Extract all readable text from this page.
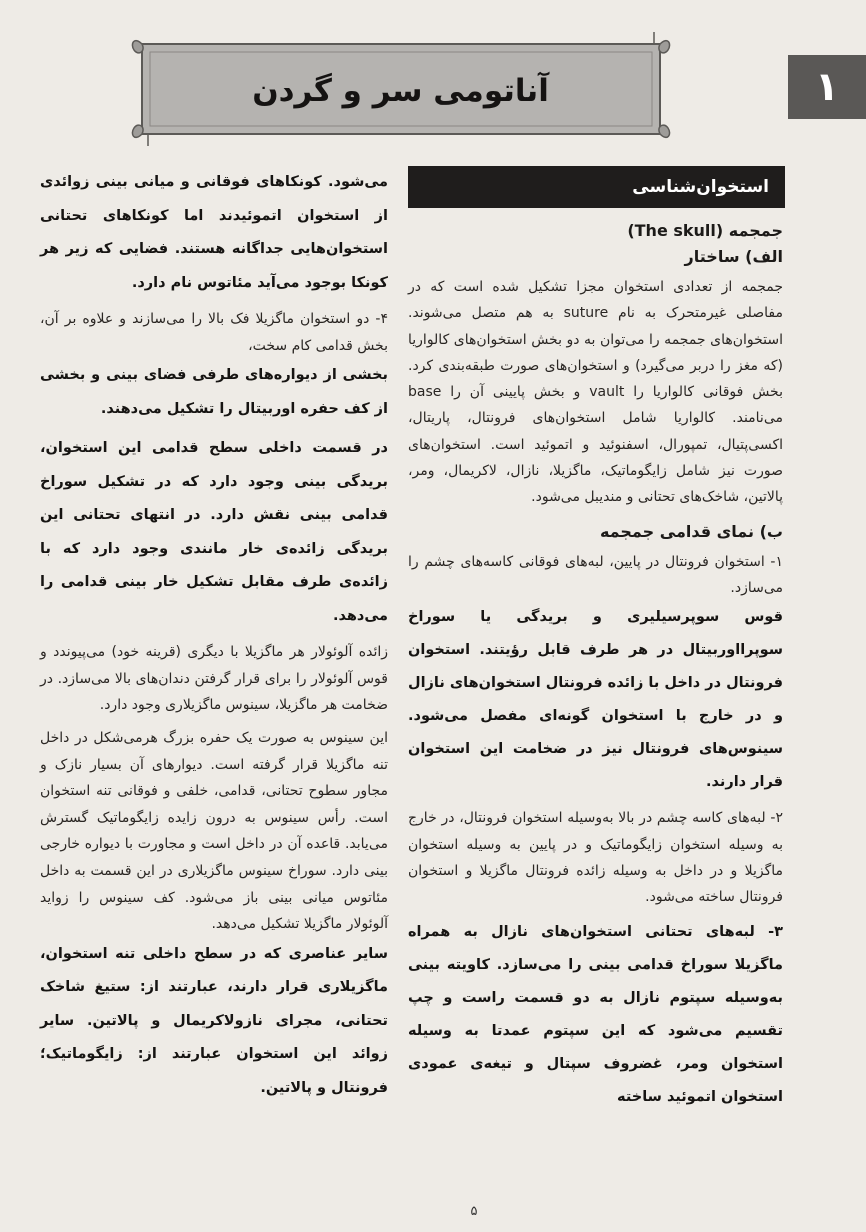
۱
آناتومی سر و گردن
استخوان‌شناسی

جمجمه (The skull)

الف) ساختار

جمجمه از تعدادی استخوان مجزا تشکیل شده است که در مفاصلی غیرمتحرک به نام suture به هم متصل می‌شوند. استخوان‌های جمجمه را می‌توان به دو بخش استخوان‌های کالواریا (که مغز را دربر می‌گیرد) و استخوان‌های صورت طبقه‌بندی کرد. بخش فوقانی کالواریا را vault و بخش پایینی آن را base می‌نامند. کالواریا شامل استخوان‌های فرونتال، پاریتال، اکسی‌پتیال، تمپورال، اسفنوئید و اتموئید است. استخوان‌های صورت نیز شامل زایگوماتیک، ماگزیلا، نازال، لاکریمال، ومر، پالاتین، شاخک‌های تحتانی و مندیبل می‌شود.

ب) نمای قدامی جمجمه

۱- استخوان فرونتال در پایین، لبه‌های فوقانی کاسه‌های چشم را می‌سازد.

قوس سوپرسیلیری و بریدگی یا سوراخ سوپرااوربیتال در هر طرف قابل رؤیتند. استخوان فرونتال در داخل با زائده فرونتال استخوان‌های نازال و در خارج با استخوان گونه‌ای مفصل می‌شود. سینوس‌های فرونتال نیز در ضخامت این استخوان قرار دارند.

۲- لبه‌های کاسه چشم در بالا به‌وسیله استخوان فرونتال، در خارج به وسیله استخوان زایگوماتیک و در پایین به وسیله استخوان ماگزیلا و در داخل به وسیله زائده فرونتال ماگزیلا و استخوان فرونتال ساخته می‌شود.

۳- لبه‌های تحتانی استخوان‌های نازال به همراه ماگزیلا سوراخ قدامی بینی را می‌سازد. کاویته بینی به‌وسیله سپتوم نازال به دو قسمت راست و چپ تقسیم می‌شود که این سپتوم عمدتا به وسیله استخوان ومر، غضروف سپتال و تیغه‌ی عمودی استخوان اتموئید ساخته

می‌شود. کونکاهای فوقانی و میانی بینی زوائدی از استخوان اتموئیدند اما کونکاهای تحتانی استخوان‌هایی جداگانه هستند. فضایی که زیر هر کونکا بوجود می‌آید مئاتوس نام دارد.

۴- دو استخوان ماگزیلا فک بالا را می‌سازند و علاوه بر آن، بخش قدامی کام سخت،

بخشی از دیواره‌های طرفی فضای بینی و بخشی از کف حفره اوربیتال را تشکیل می‌دهند.

در قسمت داخلی سطح قدامی این استخوان، بریدگی بینی وجود دارد که در تشکیل سوراخ قدامی بینی نقش دارد. در انتهای تحتانی این بریدگی زائده‌ی خار مانندی وجود دارد که با زائده‌ی طرف مقابل تشکیل خار بینی قدامی را می‌دهد.

زائده آلوئولار هر ماگزیلا با دیگری (قرینه خود) می‌پیوندد و قوس آلوئولار را برای قرار گرفتن دندان‌های بالا می‌سازد. در ضخامت هر ماگزیلا، سینوس ماگزیلاری وجود دارد.

این سینوس به صورت یک حفره بزرگ هرمی‌شکل در داخل تنه ماگزیلا قرار گرفته است. دیوارهای آن بسیار نازک و مجاور سطوح تحتانی، قدامی، خلفی و فوقانی تنه استخوان است. رأس سینوس به درون زایده زایگوماتیک گسترش می‌یابد. قاعده آن در داخل است و مجاورت با دیواره خارجی بینی دارد. سوراخ سینوس ماگزیلاری در این قسمت به داخل مئاتوس میانی بینی باز می‌شود. کف سینوس را زواید آلوئولار ماگزیلا تشکیل می‌دهد.

سایر عناصری که در سطح داخلی تنه استخوان، ماگزیلاری قرار دارند، عبارتند از: ستیغ شاخک تحتانی، مجرای نازولاکریمال و پالاتین. سایر زوائد این استخوان عبارتند از: زایگوماتیک؛ فرونتال و پالاتین.

۵
